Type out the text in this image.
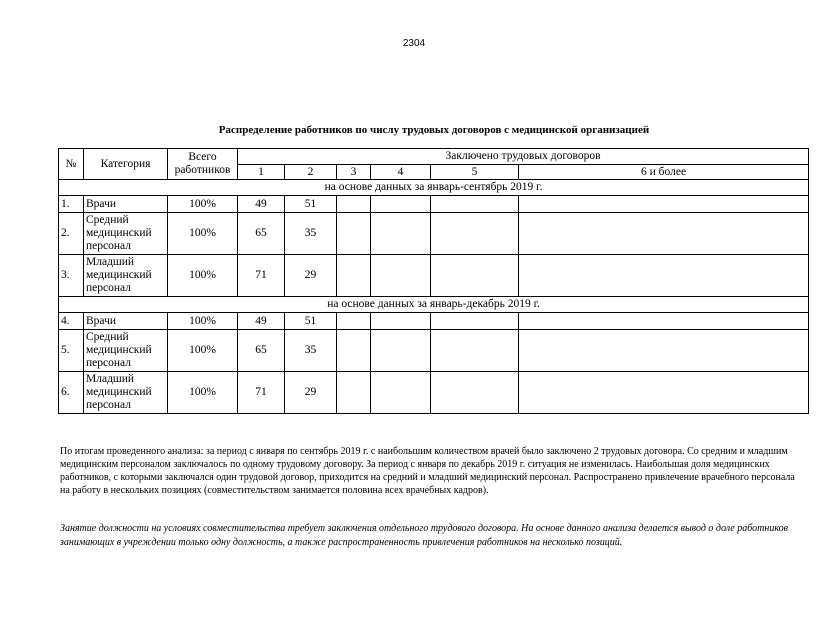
2304
Распределение работников по числу трудовых договоров с медицинской организацией
№	Категория	Всего
работников	Заключено трудовых договоров					
			1	2	3	4	5	6 и более
на основе данных за январь-сентябрь 2019 г.								
1.	Врачи	100%	49	51				
2.	Средний
медицинский
персонал	100%	65	35				
3.	Младший
медицинский
персонал	100%	71	29				
на основе данных за январь-декабрь 2019 г.								
4.	Врачи	100%	49	51				
5.	Средний
медицинский
персонал	100%	65	35				
6.	Младший
медицинский
персонал	100%	71	29				

По итогам проведенного анализа: за период с января по сентябрь 2019 г. с наибольшим количеством врачей было заключено 2 трудовых договора. Со средним и младшим медицинским персоналом заключалось по одному трудовому договору. За период с января по декабрь 2019 г. ситуация не изменилась. Наибольшая доля медицинских работников, с которыми заключался один трудовой договор, приходится на средний и младший медицинский персонал. Распространено привлечение врачебного персонала на работу в нескольких позициях (совместительством занимается половина всех врачебных кадров).

Занятие должности на условиях совместительства требует заключения отдельного трудового договора. На основе данного анализа делается вывод о доле работников занимающих в учреждении только одну должность, а также распространенность привлечения работников на несколько позиций.
